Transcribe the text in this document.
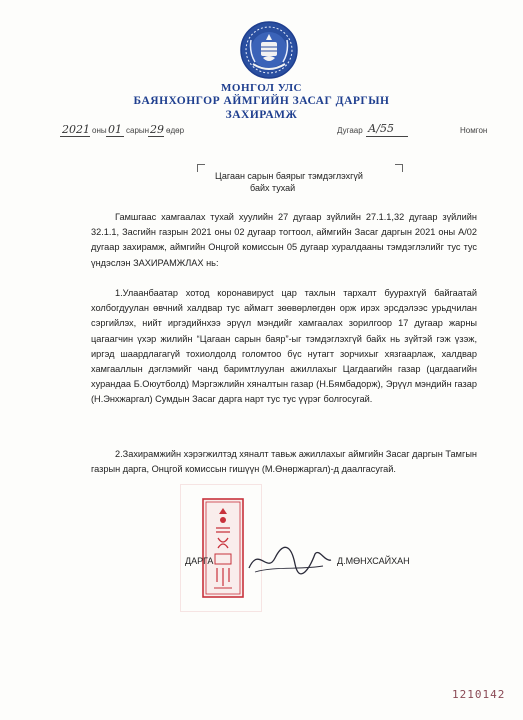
МОНГОЛ УЛС
БАЯНХОНГОР АЙМГИЙН ЗАСАГ ДАРГЫН
ЗАХИРАМЖ
2021 оны 01 сарын 29 өдөр	Дугаар А/55	Номгон
Цагаан сарын баярыг тэмдэглэхгүй
байх тухай
Гамшгаас хамгаалах тухай хуулийн 27 дугаар зүйлийн 27.1.1,32 дугаар зүйлийн 32.1.1, Засгийн газрын 2021 оны 02 дугаар тогтоол, аймгийн Засаг даргын 2021 оны А/02 дугаар захирамж, аймгийн Онцгой комиссын 05 дугаар хуралдааны тэмдэглэлийг тус тус үндэслэн ЗАХИРАМЖЛАХ нь:
1.Улаанбаатар хотод коронавирусt цар тахлын тархалт буурахгүй байгаатай холбогдуулан өвчний халдвар тус аймагт зөөвөрлөгдөн орж ирэх эрсдэлээс урьдчилан сэргийлэх, нийт иргэдийнхээ эрүүл мэндийг хамгаалах зорилгоор 17 дугаар жарны цагаагчин үхэр жилийн “Цагаан сарын баяр”-ыг тэмдэглэхгүй байх нь зүйтэй гэж үзэж, иргэд шаардлагагүй тохиолдолд голомтоо бүс нутагт зорчихыг хязгаарлаж, халдвар хамгааллын дэглэмийг чанд баримтлуулан ажиллахыг Цагдаагийн газар (цагдаагийн хурандаа Б.Оюутболд) Мэргэжлийн хяналтын газар (Н.Бямбадорж), Эрүүл мэндийн газар (Н.Энхжаргал) Сумдын Засаг дарга нарт тус тус үүрэг болгосугай.
2.Захирамжийн хэрэгжилтэд хяналт тавьж ажиллахыг аймгийн Засаг даргын Тамгын газрын дарга, Онцгой комиссын гишүүн (М.Өнөржаргал)-д даалгасугай.
ДАРГА	Д.МӨНХСАЙХАН
1210142
